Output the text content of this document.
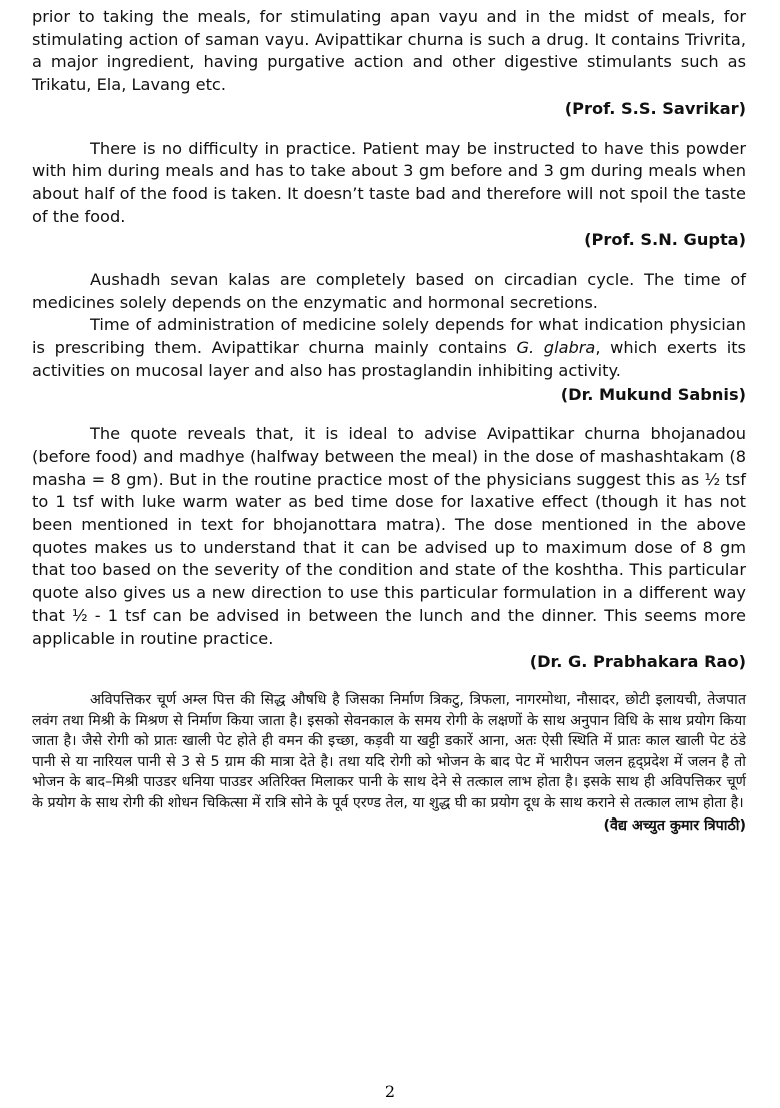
prior to taking the meals, for stimulating apan vayu and in the midst of meals, for stimulating action of saman vayu. Avipattikar churna is such a drug. It contains Trivrita, a major ingredient, having purgative action and other digestive stimulants such as Trikatu, Ela, Lavang etc.

(Prof. S.S. Savrikar)

There is no difficulty in practice. Patient may be instructed to have this powder with him during meals and has to take about 3 gm before and 3 gm during meals when about half of the food is taken. It doesn’t taste bad and therefore will not spoil the taste of the food.

(Prof. S.N. Gupta)

Aushadh sevan kalas are completely based on circadian cycle. The time of medicines solely depends on the enzymatic and hormonal secretions.

Time of administration of medicine solely depends for what indication physician is prescribing them. Avipattikar churna mainly contains G. glabra, which exerts its activities on mucosal layer and also has prostaglandin inhibiting activity.

(Dr. Mukund Sabnis)

The quote reveals that, it is ideal to advise Avipattikar churna bhojanadou (before food) and madhye (halfway between the meal) in the dose of mashashtakam (8 masha = 8 gm). But in the routine practice most of the physicians suggest this as ½ tsf to 1 tsf with luke warm water as bed time dose for laxative effect (though it has not been mentioned in text for bhojanottara matra). The dose mentioned in the above quotes makes us to understand that it can be advised up to maximum dose of 8 gm that too based on the severity of the condition and state of the koshtha. This particular quote also gives us a new direction to use this particular formulation in a different way that ½ - 1 tsf can be advised in between the lunch and the dinner. This seems more applicable in routine practice.

(Dr. G. Prabhakara Rao)

अविपत्तिकर चूर्ण अम्ल पित्त की सिद्ध औषधि है जिसका निर्माण त्रिकटु, त्रिफला, नागरमोथा, नौसादर, छोटी इलायची, तेजपात लवंग तथा मिश्री के मिश्रण से निर्माण किया जाता है। इसको सेवनकाल के समय रोगी के लक्षणों के साथ अनुपान विधि के साथ प्रयोग किया जाता है। जैसे रोगी को प्रातः खाली पेट होते ही वमन की इच्छा, कड़वी या खट्टी डकारें आना, अतः ऐसी स्थिति में प्रातः काल खाली पेट ठंडे पानी से या नारियल पानी से 3 से 5 ग्राम की मात्रा देते है। तथा यदि रोगी को भोजन के बाद पेट में भारीपन जलन हृद्‌प्रदेश में जलन है तो भोजन के बाद–मिश्री पाउडर धनिया पाउडर अतिरिक्त मिलाकर पानी के साथ देने से तत्काल लाभ होता है। इसके साथ ही अविपत्तिकर चूर्ण के प्रयोग के साथ रोगी की शोधन चिकित्सा में रात्रि सोने के पूर्व एरण्ड तेल, या शुद्ध घी का प्रयोग दूध के साथ कराने से तत्काल लाभ होता है।

(वैद्य अच्युत कुमार त्रिपाठी)

2
